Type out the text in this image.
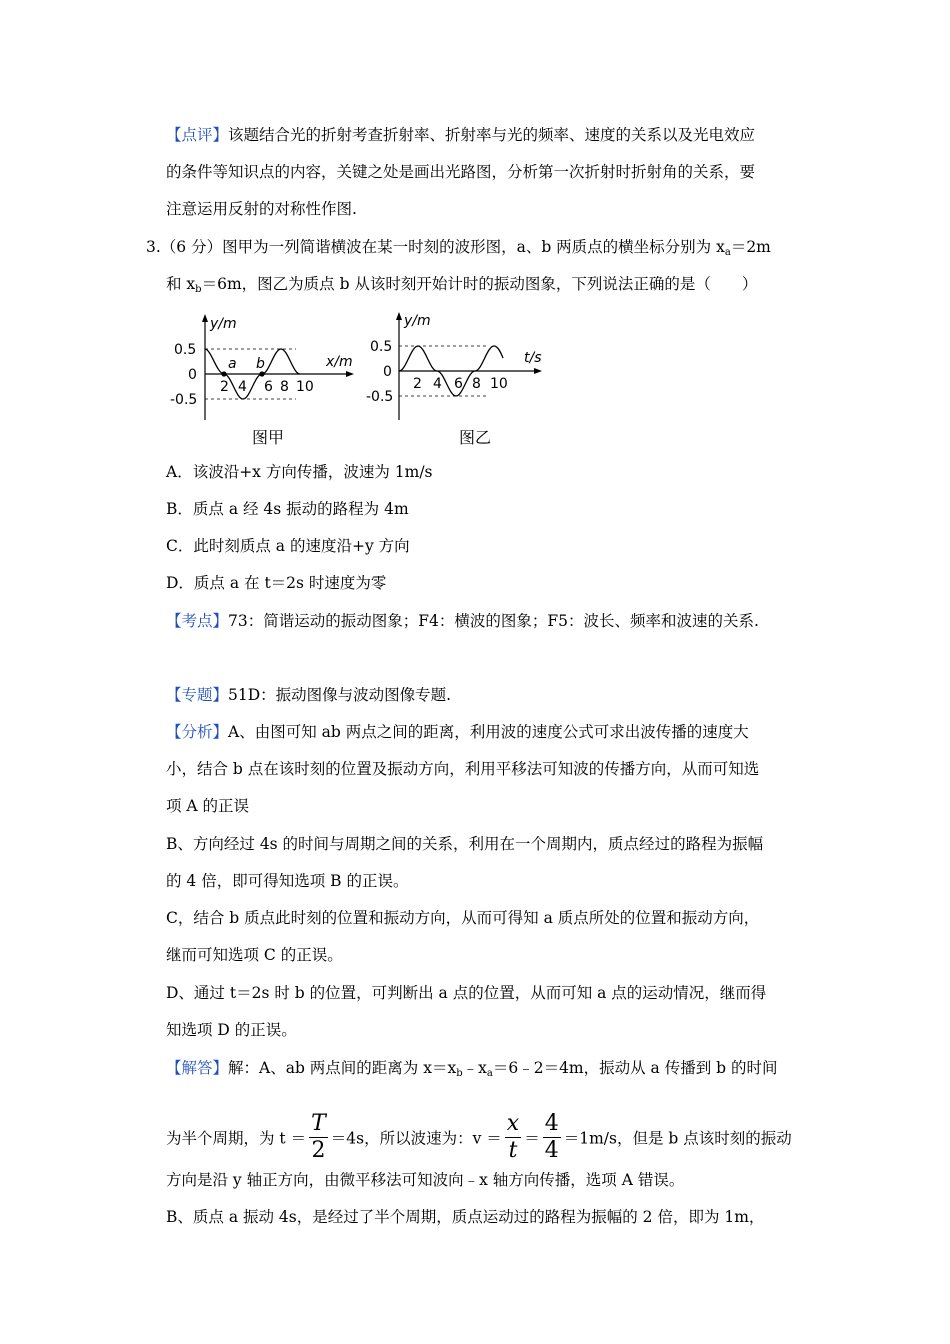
【点评】该题结合光的折射考查折射率、折射率与光的频率、速度的关系以及光电效应
的条件等知识点的内容，关键之处是画出光路图，分析第一次折射时折射角的关系，要
注意运用反射的对称性作图.
3.（6 分）图甲为一列简谐横波在某一时刻的波形图，a、b 两质点的横坐标分别为 $x_a=2m$
和 $x_b=6m$，图乙为质点 b 从该时刻开始计时的振动图象，下列说法正确的是（　　）
a b
y/m
x/m
0.5
0
-0.5
2 4 6 8 10
图甲
y/m
t/s
0.5
0
-0.5
2 4 6 8 10
图乙
A．该波沿+x 方向传播，波速为 1m/s
B．质点 a 经 4s 振动的路程为 4m
C．此时刻质点 a 的速度沿+y 方向
D．质点 a 在 t＝2s 时速度为零
【考点】73：简谐运动的振动图象；F4：横波的图象；F5：波长、频率和波速的关系.
【专题】51D：振动图像与波动图像专题.
【分析】A、由图可知 ab 两点之间的距离，利用波的速度公式可求出波传播的速度大
小，结合 b 点在该时刻的位置及振动方向，利用平移法可知波的传播方向，从而可知选
项 A 的正误
B、方向经过 4s 的时间与周期之间的关系，利用在一个周期内，质点经过的路程为振幅
的 4 倍，即可得知选项 B 的正误。
C，结合 b 质点此时刻的位置和振动方向，从而可得知 a 质点所处的位置和振动方向，
继而可知选项 C 的正误。
D、通过 t＝2s 时 b 的位置，可判断出 a 点的位置，从而可知 a 点的运动情况，继而得
知选项 D 的正误。
【解答】解：A、ab 两点间的距离为 $x=x_b﹣x_a=6﹣2=4m$，振动从 a 传播到 b 的时间
为半个周期，为 $t = \frac{T}{2} =4s$，所以波速为：$v = \frac{x}{t} = \frac{4}{4} =1m/s$，但是 b 点该时刻的振动
方向是沿 y 轴正方向，由微平移法可知波向﹣x 轴方向传播，选项 A 错误。
B、质点 a 振动 4s，是经过了半个周期，质点运动过的路程为振幅的 2 倍，即为 1m，
